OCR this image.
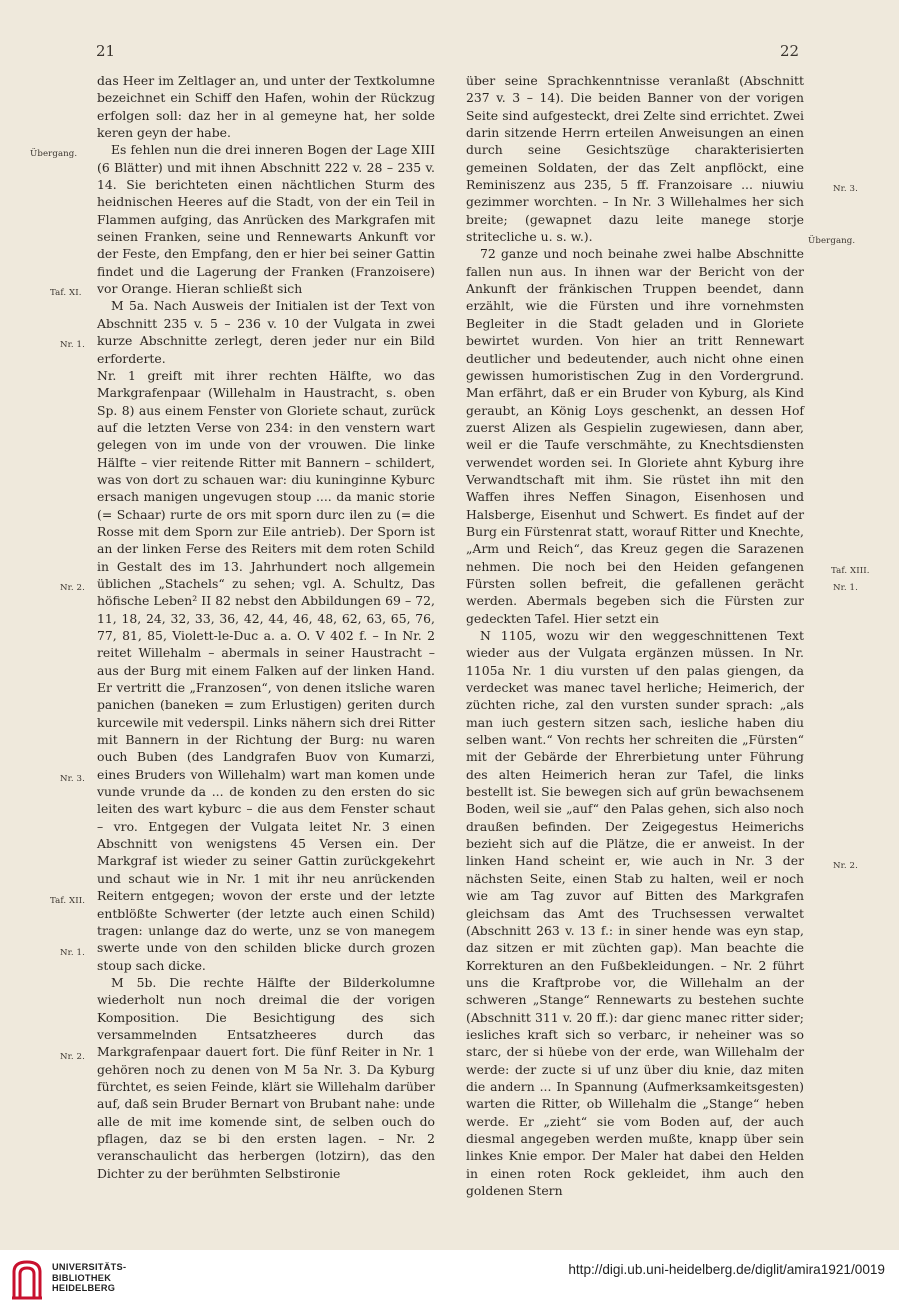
21	22
Übergang.
Taf. XI.
Nr. 1.
Nr. 2.
Nr. 3.
Taf. XII.
Nr. 1.
Nr. 2.
Nr. 3.
Übergang.
Taf. XIII.
Nr. 1.
Nr. 2.

das Heer im Zeltlager an, und unter der Textkolumne bezeichnet ein Schiff den Hafen, wohin der Rückzug erfolgen soll: daz her in al gemeyne hat, her solde keren geyn der habe.

Es fehlen nun die drei inneren Bogen der Lage XIII (6 Blätter) und mit ihnen Abschnitt 222 v. 28 – 235 v. 14. Sie berichteten einen nächtlichen Sturm des heidnischen Heeres auf die Stadt, von der ein Teil in Flammen aufging, das Anrücken des Markgrafen mit seinen Franken, seine und Rennewarts Ankunft vor der Feste, den Empfang, den er hier bei seiner Gattin findet und die Lagerung der Franken (Franzoisere) vor Orange. Hieran schließt sich

M 5a. Nach Ausweis der Initialen ist der Text von Abschnitt 235 v. 5 – 236 v. 10 der Vulgata in zwei kurze Abschnitte zerlegt, deren jeder nur ein Bild erforderte.

Nr. 1 greift mit ihrer rechten Hälfte, wo das Markgrafenpaar (Willehalm in Haustracht, s. oben Sp. 8) aus einem Fenster von Gloriete schaut, zurück auf die letzten Verse von 234: in den venstern wart gelegen von im unde von der vrouwen. Die linke Hälfte – vier reitende Ritter mit Bannern – schildert, was von dort zu schauen war: diu kuninginne Kyburc ersach manigen ungevugen stoup .... da manic storie (= Schaar) rurte de ors mit sporn durc ilen zu (= die Rosse mit dem Sporn zur Eile antrieb). Der Sporn ist an der linken Ferse des Reiters mit dem roten Schild in Gestalt des im 13. Jahrhundert noch allgemein üblichen „Stachels“ zu sehen; vgl. A. Schultz, Das höfische Leben² II 82 nebst den Abbildungen 69 – 72, 11, 18, 24, 32, 33, 36, 42, 44, 46, 48, 62, 63, 65, 76, 77, 81, 85, Violett-le-Duc a. a. O. V 402 f. – In Nr. 2 reitet Willehalm – abermals in seiner Haustracht – aus der Burg mit einem Falken auf der linken Hand. Er vertritt die „Franzosen“, von denen itsliche waren panichen (baneken = zum Erlustigen) geriten durch kurcewile mit vederspil. Links nähern sich drei Ritter mit Bannern in der Richtung der Burg: nu waren ouch Buben (des Landgrafen Buov von Kumarzi, eines Bruders von Willehalm) wart man komen unde vunde vrunde da ... de konden zu den ersten do sic leiten des wart kyburc – die aus dem Fenster schaut – vro. Entgegen der Vulgata leitet Nr. 3 einen Abschnitt von wenigstens 45 Versen ein. Der Markgraf ist wieder zu seiner Gattin zurückgekehrt und schaut wie in Nr. 1 mit ihr neu anrückenden Reitern entgegen; wovon der erste und der letzte entblößte Schwerter (der letzte auch einen Schild) tragen: unlange daz do werte, unz se von manegem swerte unde von den schilden blicke durch grozen stoup sach dicke.

M 5b. Die rechte Hälfte der Bilderkolumne wiederholt nun noch dreimal die der vorigen Komposition. Die Besichtigung des sich versammelnden Entsatzheeres durch das Markgrafenpaar dauert fort. Die fünf Reiter in Nr. 1 gehören noch zu denen von M 5a Nr. 3. Da Kyburg fürchtet, es seien Feinde, klärt sie Willehalm darüber auf, daß sein Bruder Bernart von Brubant nahe: unde alle de mit ime komende sint, de selben ouch do pflagen, daz se bi den ersten lagen. – Nr. 2 veranschaulicht das herbergen (lotzirn), das den Dichter zu der berühmten Selbstironie

über seine Sprachkenntnisse veranlaßt (Abschnitt 237 v. 3 – 14). Die beiden Banner von der vorigen Seite sind aufgesteckt, drei Zelte sind errichtet. Zwei darin sitzende Herrn erteilen Anweisungen an einen durch seine Gesichtszüge charakterisierten gemeinen Soldaten, der das Zelt anpflöckt, eine Reminiszenz aus 235, 5 ff. Franzoisare ... niuwiu gezimmer worchten. – In Nr. 3 Willehalmes her sich breite; (gewapnet dazu leite manege storje stritecliche u. s. w.).

72 ganze und noch beinahe zwei halbe Abschnitte fallen nun aus. In ihnen war der Bericht von der Ankunft der fränkischen Truppen beendet, dann erzählt, wie die Fürsten und ihre vornehmsten Begleiter in die Stadt geladen und in Gloriete bewirtet wurden. Von hier an tritt Rennewart deutlicher und bedeutender, auch nicht ohne einen gewissen humoristischen Zug in den Vordergrund. Man erfährt, daß er ein Bruder von Kyburg, als Kind geraubt, an König Loys geschenkt, an dessen Hof zuerst Alizen als Gespielin zugewiesen, dann aber, weil er die Taufe verschmähte, zu Knechtsdiensten verwendet worden sei. In Gloriete ahnt Kyburg ihre Verwandtschaft mit ihm. Sie rüstet ihn mit den Waffen ihres Neffen Sinagon, Eisenhosen und Halsberge, Eisenhut und Schwert. Es findet auf der Burg ein Fürstenrat statt, worauf Ritter und Knechte, „Arm und Reich“, das Kreuz gegen die Sarazenen nehmen. Die noch bei den Heiden gefangenen Fürsten sollen befreit, die gefallenen gerächt werden. Abermals begeben sich die Fürsten zur gedeckten Tafel. Hier setzt ein

N 1105, wozu wir den weggeschnittenen Text wieder aus der Vulgata ergänzen müssen. In Nr. 1105a Nr. 1 diu vursten uf den palas giengen, da verdecket was manec tavel herliche; Heimerich, der züchten riche, zal den vursten sunder sprach: „als man iuch gestern sitzen sach, iesliche haben diu selben want.“ Von rechts her schreiten die „Fürsten“ mit der Gebärde der Ehrerbietung unter Führung des alten Heimerich heran zur Tafel, die links bestellt ist. Sie bewegen sich auf grün bewachsenem Boden, weil sie „auf“ den Palas gehen, sich also noch draußen befinden. Der Zeigegestus Heimerichs bezieht sich auf die Plätze, die er anweist. In der linken Hand scheint er, wie auch in Nr. 3 der nächsten Seite, einen Stab zu halten, weil er noch wie am Tag zuvor auf Bitten des Markgrafen gleichsam das Amt des Truchsessen verwaltet (Abschnitt 263 v. 13 f.: in siner hende was eyn stap, daz sitzen er mit züchten gap). Man beachte die Korrekturen an den Fußbekleidungen. – Nr. 2 führt uns die Kraftprobe vor, die Willehalm an der schweren „Stange“ Rennewarts zu bestehen suchte (Abschnitt 311 v. 20 ff.): dar gienc manec ritter sider; iesliches kraft sich so verbarc, ir neheiner was so starc, der si hüebe von der erde, wan Willehalm der werde: der zucte si uf unz über diu knie, daz miten die andern ... In Spannung (Aufmerksamkeitsgesten) warten die Ritter, ob Willehalm die „Stange“ heben werde. Er „zieht“ sie vom Boden auf, der auch diesmal angegeben werden mußte, knapp über sein linkes Knie empor. Der Maler hat dabei den Helden in einen roten Rock gekleidet, ihm auch den goldenen Stern

UNIVERSITÄTS-
BIBLIOTHEK
HEIDELBERG
http://digi.ub.uni-heidelberg.de/diglit/amira1921/0019
